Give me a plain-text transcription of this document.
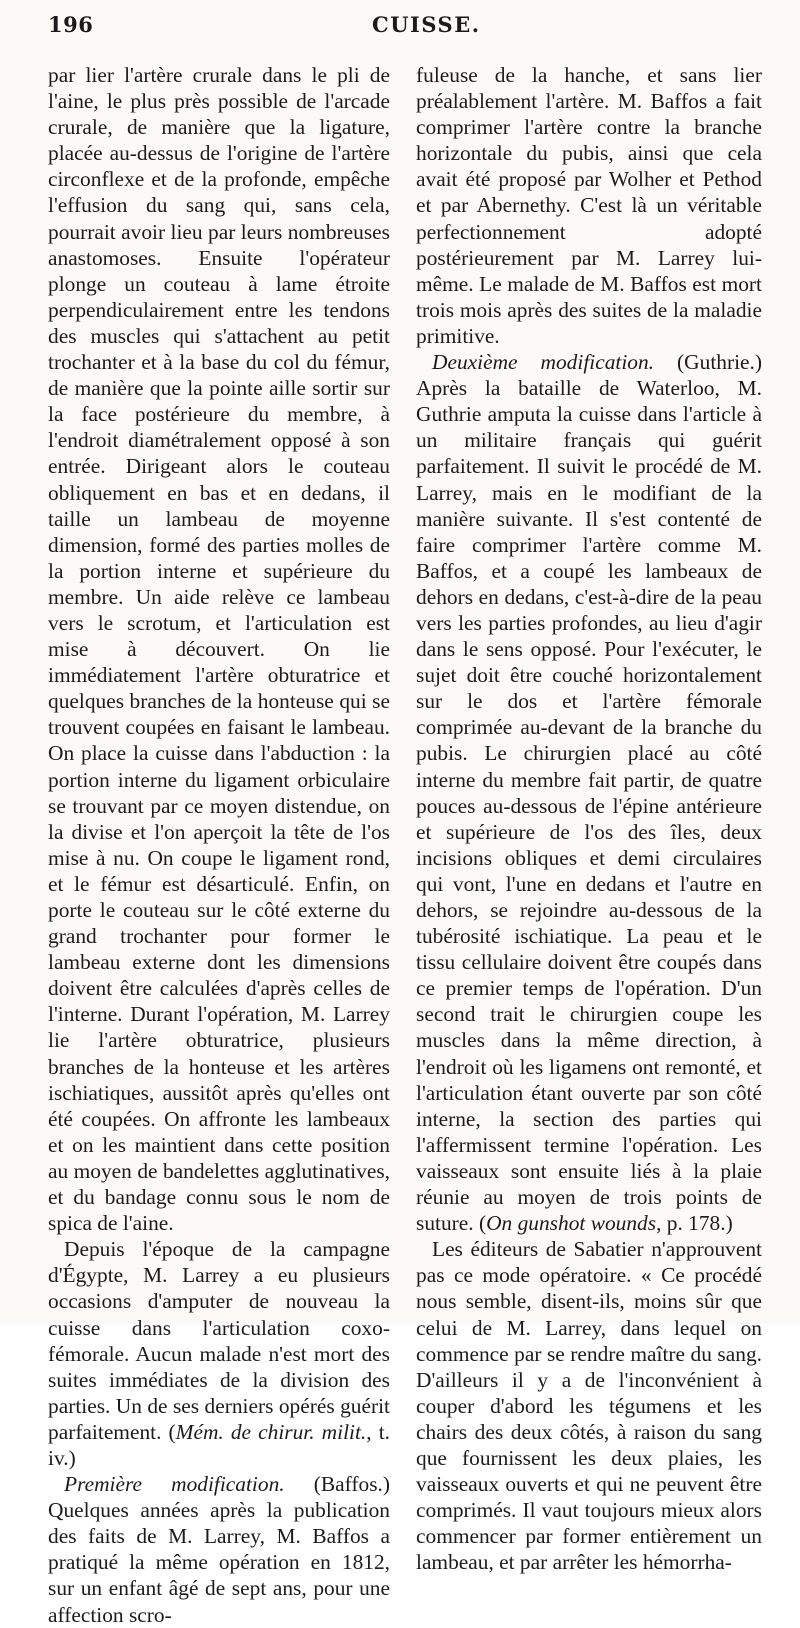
196	CUISSE.

par lier l'artère crurale dans le pli de l'aine, le plus près possible de l'arcade crurale, de manière que la ligature, placée au-dessus de l'origine de l'artère circonflexe et de la profonde, empêche l'effusion du sang qui, sans cela, pourrait avoir lieu par leurs nombreuses anastomoses. Ensuite l'opérateur plonge un couteau à lame étroite perpendiculairement entre les tendons des muscles qui s'attachent au petit trochanter et à la base du col du fémur, de manière que la pointe aille sortir sur la face postérieure du membre, à l'endroit diamétralement opposé à son entrée. Dirigeant alors le couteau obliquement en bas et en dedans, il taille un lambeau de moyenne dimension, formé des parties molles de la portion interne et supérieure du membre. Un aide relève ce lambeau vers le scrotum, et l'articulation est mise à découvert. On lie immédiatement l'artère obturatrice et quelques branches de la honteuse qui se trouvent coupées en faisant le lambeau. On place la cuisse dans l'abduction : la portion interne du ligament orbiculaire se trouvant par ce moyen distendue, on la divise et l'on aperçoit la tête de l'os mise à nu. On coupe le ligament rond, et le fémur est désarticulé. Enfin, on porte le couteau sur le côté externe du grand trochanter pour former le lambeau externe dont les dimensions doivent être calculées d'après celles de l'interne. Durant l'opération, M. Larrey lie l'artère obturatrice, plusieurs branches de la honteuse et les artères ischiatiques, aussitôt après qu'elles ont été coupées. On affronte les lambeaux et on les maintient dans cette position au moyen de bandelettes agglutinatives, et du bandage connu sous le nom de spica de l'aine.

Depuis l'époque de la campagne d'Égypte, M. Larrey a eu plusieurs occasions d'amputer de nouveau la cuisse dans l'articulation coxo-fémorale. Aucun malade n'est mort des suites immédiates de la division des parties. Un de ses derniers opérés guérit parfaitement. (Mém. de chirur. milit., t. iv.)

Première modification. (Baffos.) Quelques années après la publication des faits de M. Larrey, M. Baffos a pratiqué la même opération en 1812, sur un enfant âgé de sept ans, pour une affection scro-

fuleuse de la hanche, et sans lier préalablement l'artère. M. Baffos a fait comprimer l'artère contre la branche horizontale du pubis, ainsi que cela avait été proposé par Wolher et Pethod et par Abernethy. C'est là un véritable perfectionnement adopté postérieurement par M. Larrey lui-même. Le malade de M. Baffos est mort trois mois après des suites de la maladie primitive.

Deuxième modification. (Guthrie.) Après la bataille de Waterloo, M. Guthrie amputa la cuisse dans l'article à un militaire français qui guérit parfaitement. Il suivit le procédé de M. Larrey, mais en le modifiant de la manière suivante. Il s'est contenté de faire comprimer l'artère comme M. Baffos, et a coupé les lambeaux de dehors en dedans, c'est-à-dire de la peau vers les parties profondes, au lieu d'agir dans le sens opposé. Pour l'exécuter, le sujet doit être couché horizontalement sur le dos et l'artère fémorale comprimée au-devant de la branche du pubis. Le chirurgien placé au côté interne du membre fait partir, de quatre pouces au-dessous de l'épine antérieure et supérieure de l'os des îles, deux incisions obliques et demi circulaires qui vont, l'une en dedans et l'autre en dehors, se rejoindre au-dessous de la tubérosité ischiatique. La peau et le tissu cellulaire doivent être coupés dans ce premier temps de l'opération. D'un second trait le chirurgien coupe les muscles dans la même direction, à l'endroit où les ligamens ont remonté, et l'articulation étant ouverte par son côté interne, la section des parties qui l'affermissent termine l'opération. Les vaisseaux sont ensuite liés à la plaie réunie au moyen de trois points de suture. (On gunshot wounds, p. 178.)

Les éditeurs de Sabatier n'approuvent pas ce mode opératoire. « Ce procédé nous semble, disent-ils, moins sûr que celui de M. Larrey, dans lequel on commence par se rendre maître du sang. D'ailleurs il y a de l'inconvénient à couper d'abord les tégumens et les chairs des deux côtés, à raison du sang que fournissent les deux plaies, les vaisseaux ouverts et qui ne peuvent être comprimés. Il vaut toujours mieux alors commencer par former entièrement un lambeau, et par arrêter les hémorrha-
